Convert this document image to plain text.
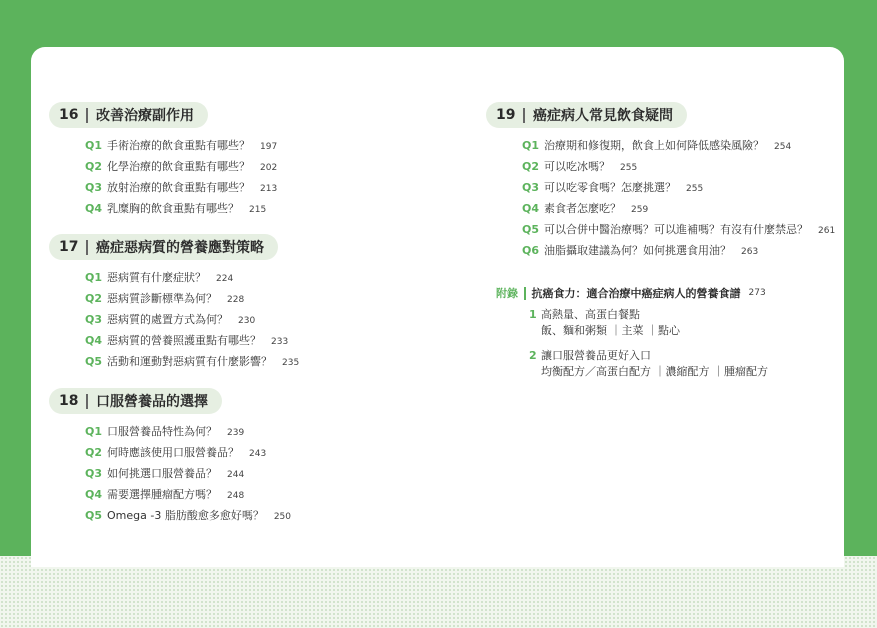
16 改善治療副作用
Q1 手術治療的飲食重點有哪些？ 197
Q2 化學治療的飲食重點有哪些？ 202
Q3 放射治療的飲食重點有哪些？ 213
Q4 乳糜胸的飲食重點有哪些？ 215
17 癌症惡病質的營養應對策略
Q1 惡病質有什麼症狀？ 224
Q2 惡病質診斷標準為何？ 228
Q3 惡病質的處置方式為何？ 230
Q4 惡病質的營養照護重點有哪些？ 233
Q5 活動和運動對惡病質有什麼影響？ 235
18 口服營養品的選擇
Q1 口服營養品特性為何？ 239
Q2 何時應該使用口服營養品？ 243
Q3 如何挑選口服營養品？ 244
Q4 需要選擇腫瘤配方嗎？ 248
Q5 Omega -3 脂肪酸愈多愈好嗎？ 250
19 癌症病人常見飲食疑問
Q1 治療期和修復期，飲食上如何降低感染風險？ 254
Q2 可以吃冰嗎？ 255
Q3 可以吃零食嗎？怎麼挑選？ 255
Q4 素食者怎麼吃？ 259
Q5 可以合併中醫治療嗎？可以進補嗎？有沒有什麼禁忌？ 261
Q6 油脂攝取建議為何？如何挑選食用油？ 263
附錄 抗癌食力：適合治療中癌症病人的營養食譜 273
1 高熱量、高蛋白餐點
飯、麵和粥類 ｜主菜 ｜點心
2 讓口服營養品更好入口
均衡配方／高蛋白配方 ｜濃縮配方 ｜腫瘤配方
